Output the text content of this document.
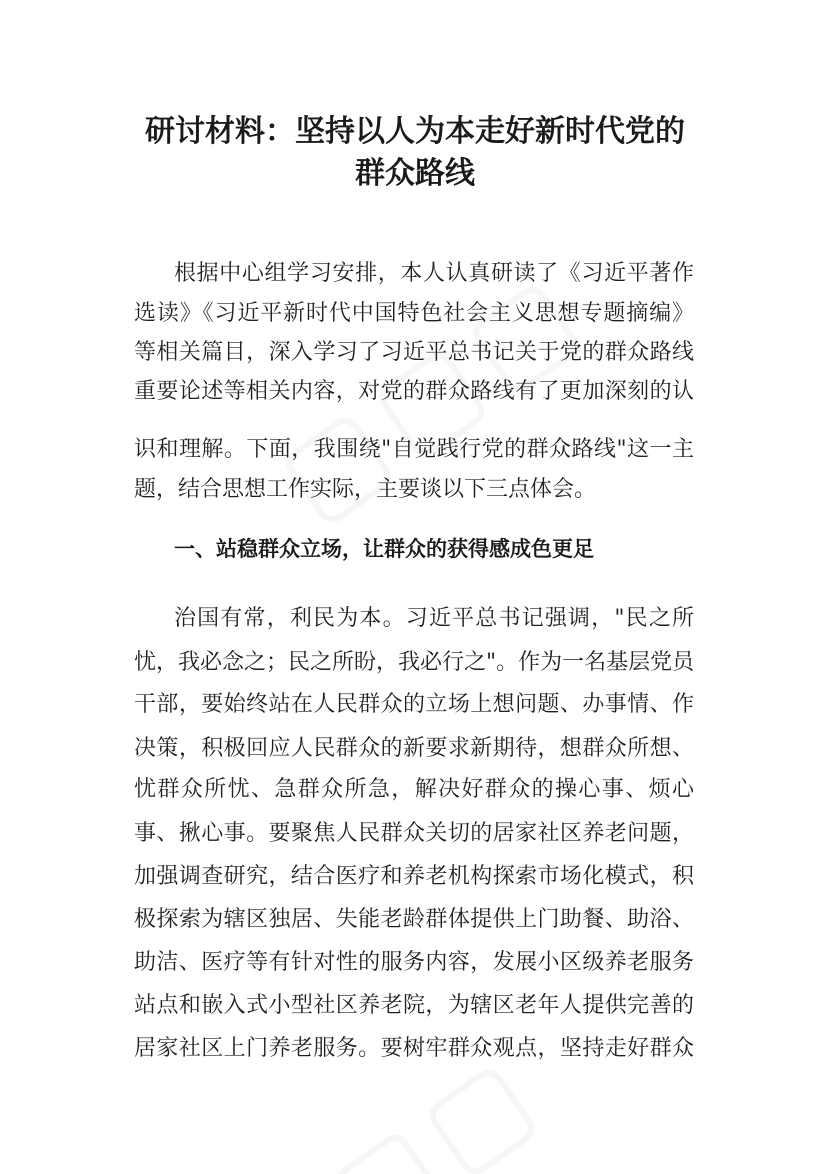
研讨材料：坚持以人为本走好新时代党的
群众路线

根据中心组学习安排，本人认真研读了《习近平著作

选读》《习近平新时代中国特色社会主义思想专题摘编》

等相关篇目，深入学习了习近平总书记关于党的群众路线

重要论述等相关内容，对党的群众路线有了更加深刻的认

识和理解。下面，我围绕"自觉践行党的群众路线"这一主

题，结合思想工作实际，主要谈以下三点体会。

一、站稳群众立场，让群众的获得感成色更足

治国有常，利民为本。习近平总书记强调，"民之所

忧，我必念之；民之所盼，我必行之"。作为一名基层党员

干部，要始终站在人民群众的立场上想问题、办事情、作

决策，积极回应人民群众的新要求新期待，想群众所想、

忧群众所忧、急群众所急，解决好群众的操心事、烦心

事、揪心事。要聚焦人民群众关切的居家社区养老问题，

加强调查研究，结合医疗和养老机构探索市场化模式，积

极探索为辖区独居、失能老龄群体提供上门助餐、助浴、

助洁、医疗等有针对性的服务内容，发展小区级养老服务

站点和嵌入式小型社区养老院，为辖区老年人提供完善的

居家社区上门养老服务。要树牢群众观点，坚持走好群众
